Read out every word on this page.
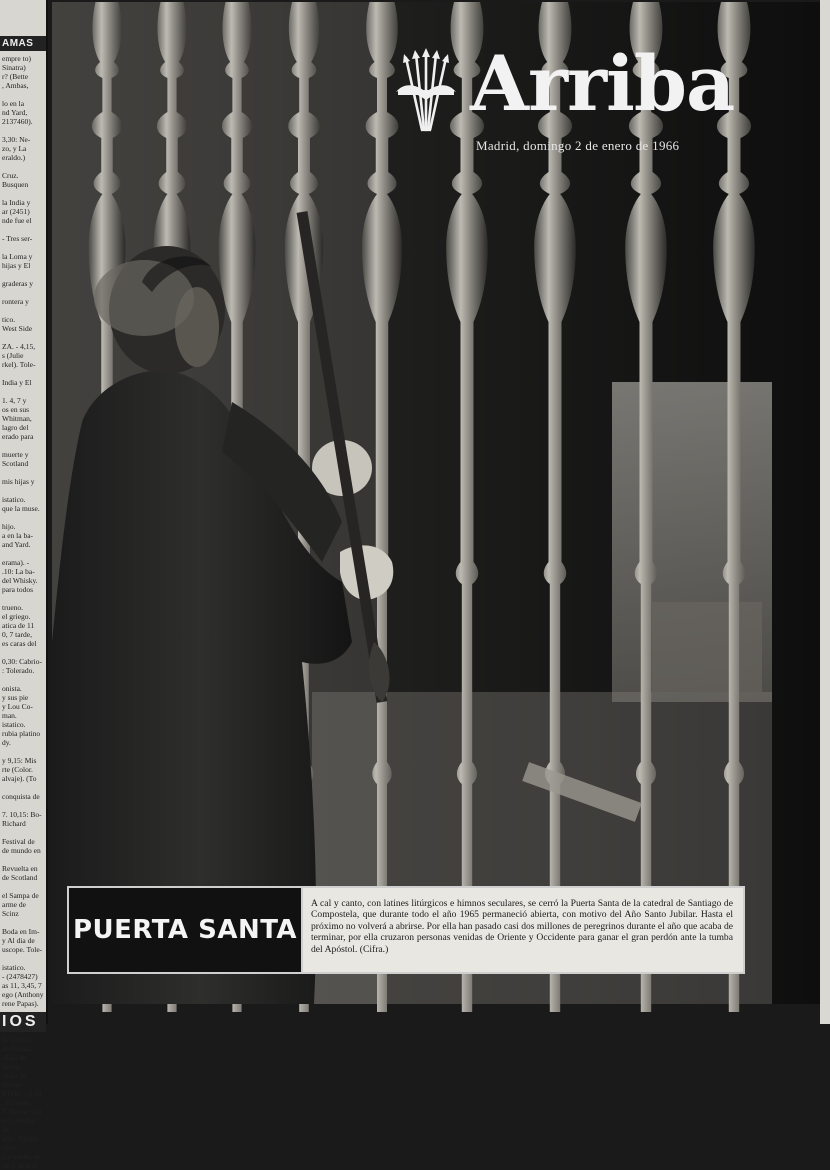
AMAS
empre to)
Sinatra)
r? (Bette
, Ambas,

lo en la
nd Yard,
2137460).

3,30: Ne-
zo, y La
eraldo.)

Cruz.
Busquen

la India y
ar (2451)
nde fue el

- Tres ser-

la Loma y
hijas y El

graderas y

rontera y

tico.
West Side

ZA. - 4,15,
s (Julie
rkel). Tole-

India y El

1. 4, 7 y
os en sus
Whitman,
lagro del
erado para

muerte y
Scotland

mis hijas y

istatico.
que la muse.

hijo.
a en la ba-
and Yard.

erama). -
.10: La ba-
del Whisky.
para todos

trueno.
el griego.
atica de 11
0, 7 tarde,
es caras del

0,30: Cabrio-
: Tolerado.

onista.
y sus pie
y Lou Co-
man.
istatico.
rubia platino
dy.

y 9,15: Mis
rte (Color.
alvaje). (To

conquista de

7. 10,15: Bo-
Richard

Festival de
de mundo en

Revuelta en
de Scotland

el Sampa de
arme de Scinz

Boda en Im-
y Al dia de
uscope. Tole-

istatico.
- (2478427)
as 11, 3,45, 7
ego (Anthony
rene Papas).
IOS
de fundas.
de fiestas.
-Sala de fiestas
-Sala de fiestas
PTOS. - 5,30
. Sarnoso
V-Beltie: Cer
urri-Aloha. Se
ama. Noche
cion.
e y noche. te
as, y atracci
Arriba
Madrid, domingo 2 de enero de 1966
PUERTA SANTA
A cal y canto, con latines litúrgicos e himnos seculares, se cerró la Puerta Santa de la catedral de Santiago de Compostela, que durante todo el año 1965 permaneció abierta, con motivo del Año Santo Jubilar. Hasta el próximo no volverá a abrirse. Por ella han pasado casi dos millones de peregrinos durante el año que acaba de terminar, por ella cruzaron personas venidas de Oriente y Occidente para ganar el gran perdón ante la tumba del Apóstol. (Cifra.)
